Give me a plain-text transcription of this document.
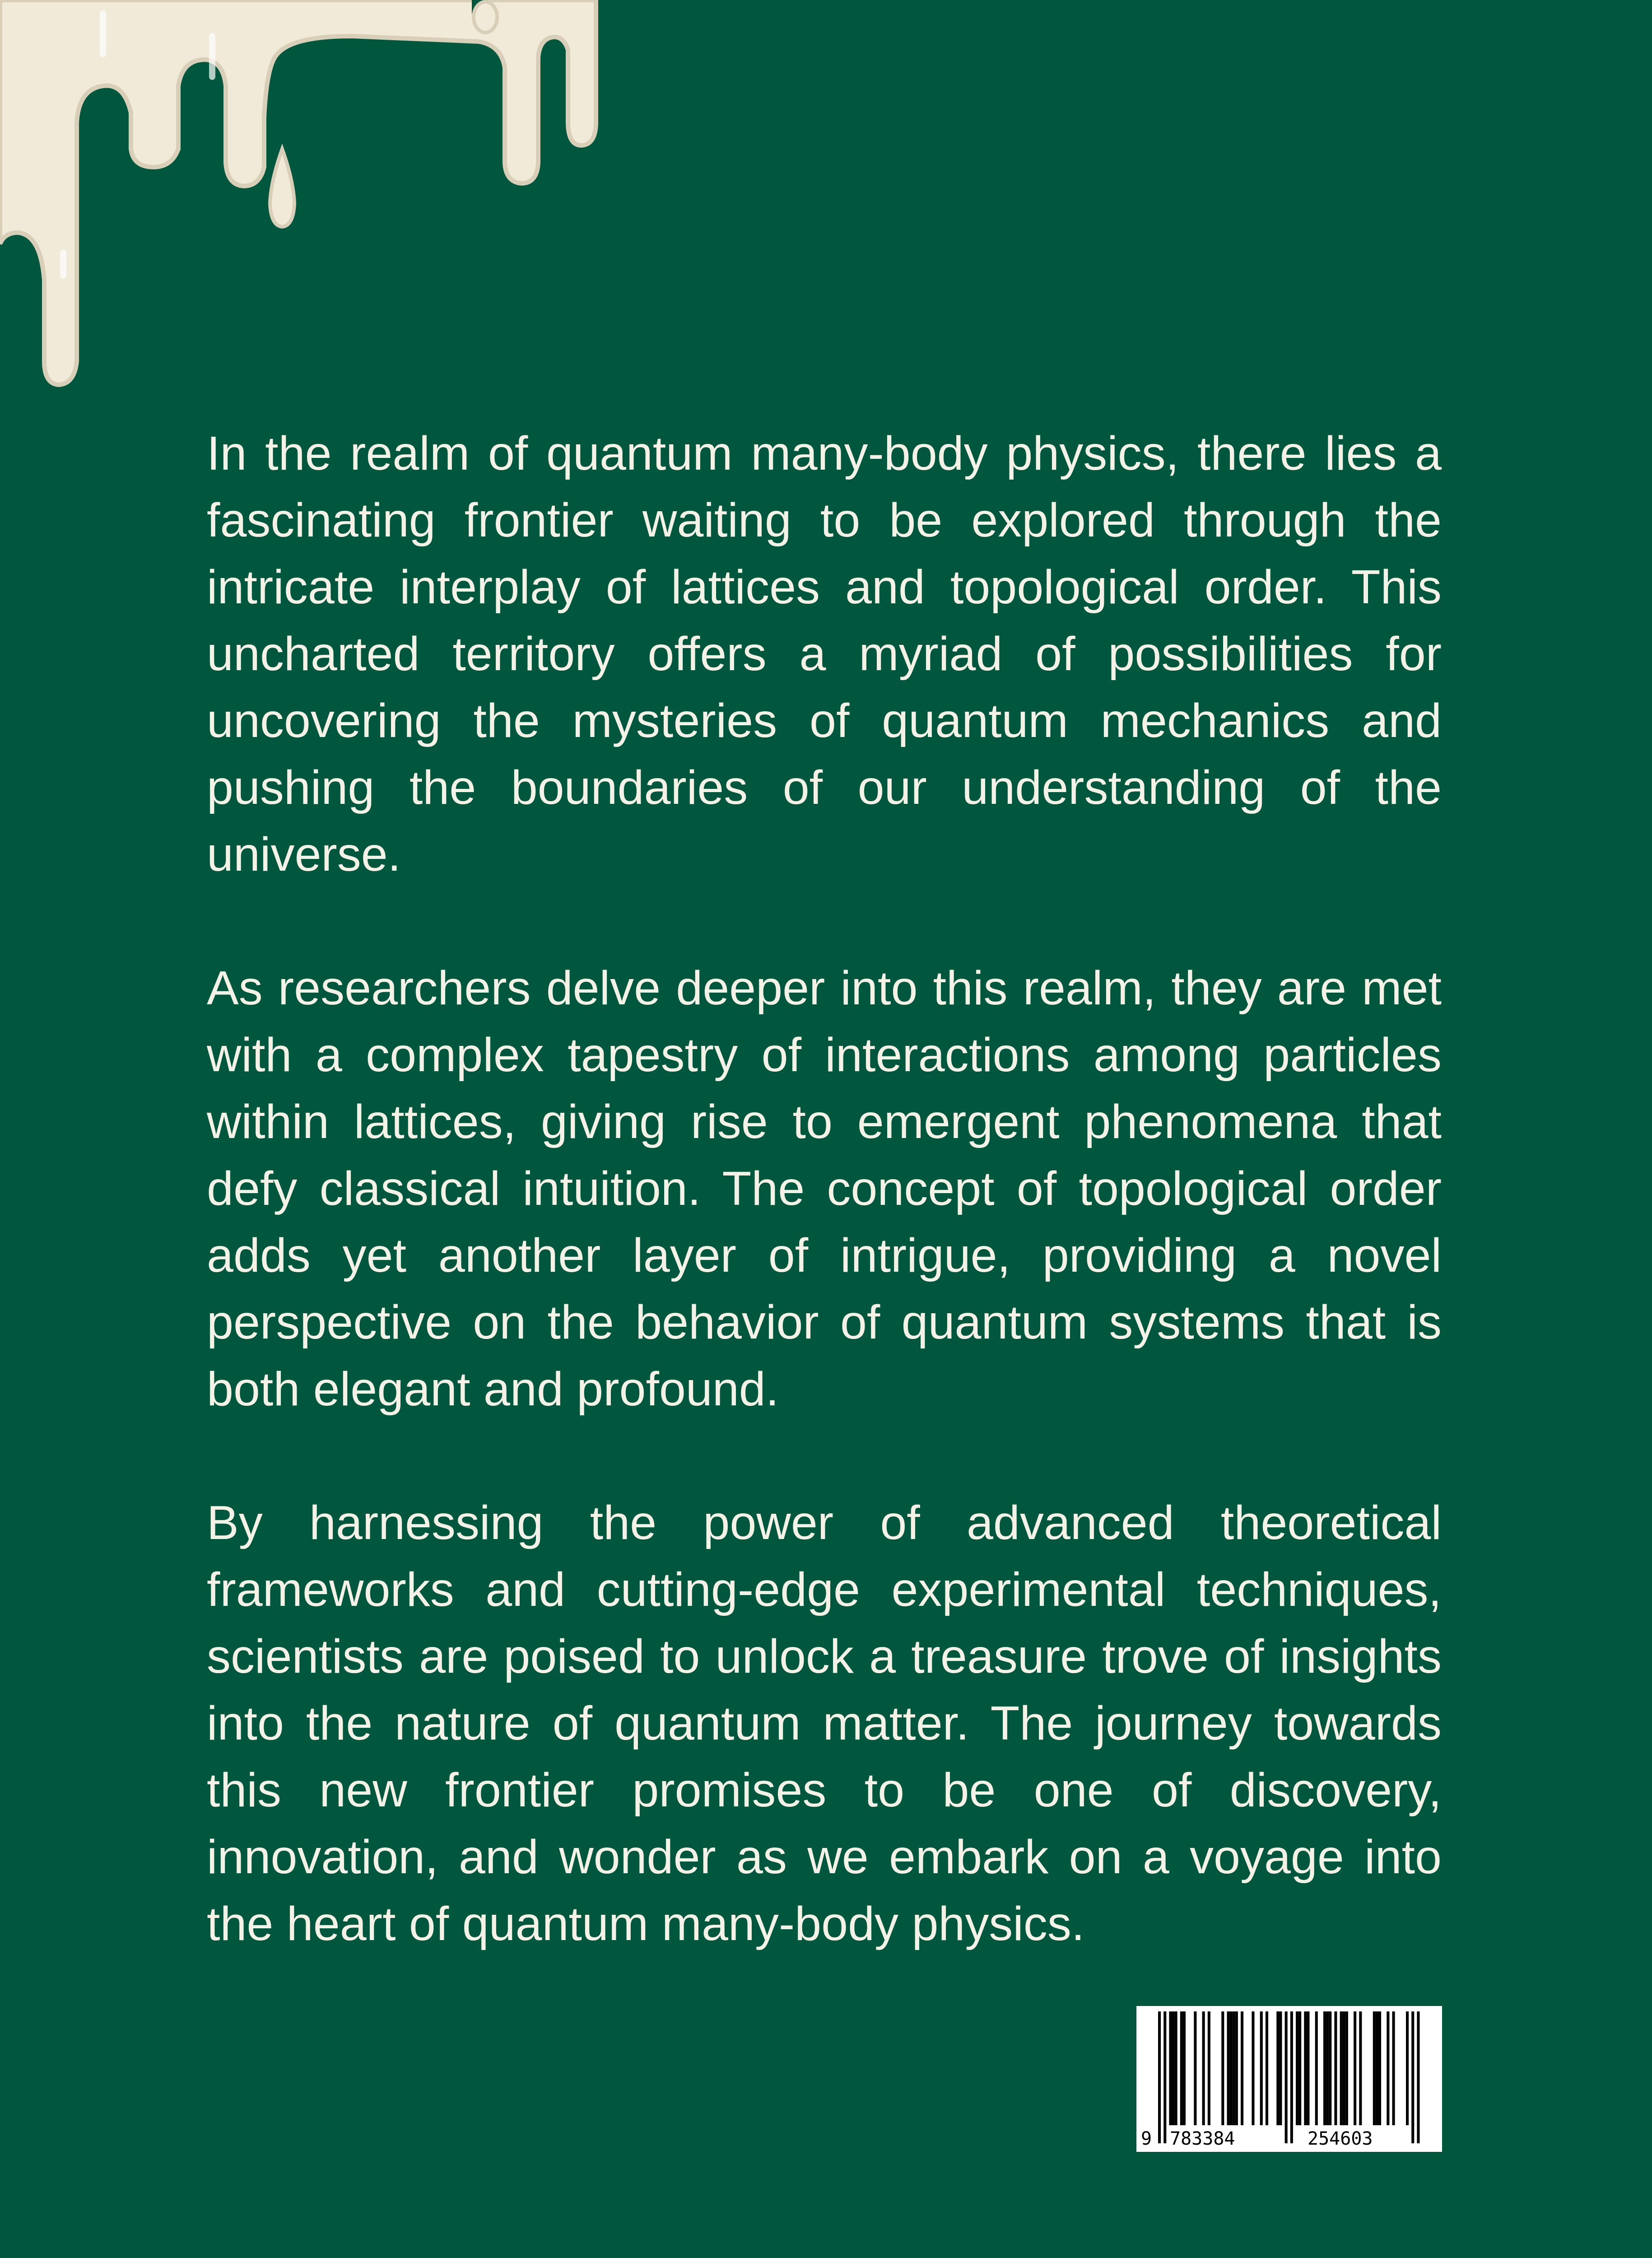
In the realm of quantum many-body physics, there lies a fascinating frontier waiting to be explored through the intricate interplay of lattices and topological order. This uncharted territory offers a myriad of possibilities for uncovering the mysteries of quantum mechanics and pushing the boundaries of our understanding of the universe.

As researchers delve deeper into this realm, they are met with a complex tapestry of interactions among particles within lattices, giving rise to emergent phenomena that defy classical intuition. The concept of topological order adds yet another layer of intrigue, providing a novel perspective on the behavior of quantum systems that is both elegant and profound.

By harnessing the power of advanced theoretical frameworks and cutting-edge experimental techniques, scientists are poised to unlock a treasure trove of insights into the nature of quantum matter. The journey towards this new frontier promises to be one of discovery, innovation, and wonder as we embark on a voyage into the heart of quantum many-body physics.

9 783384	254603
